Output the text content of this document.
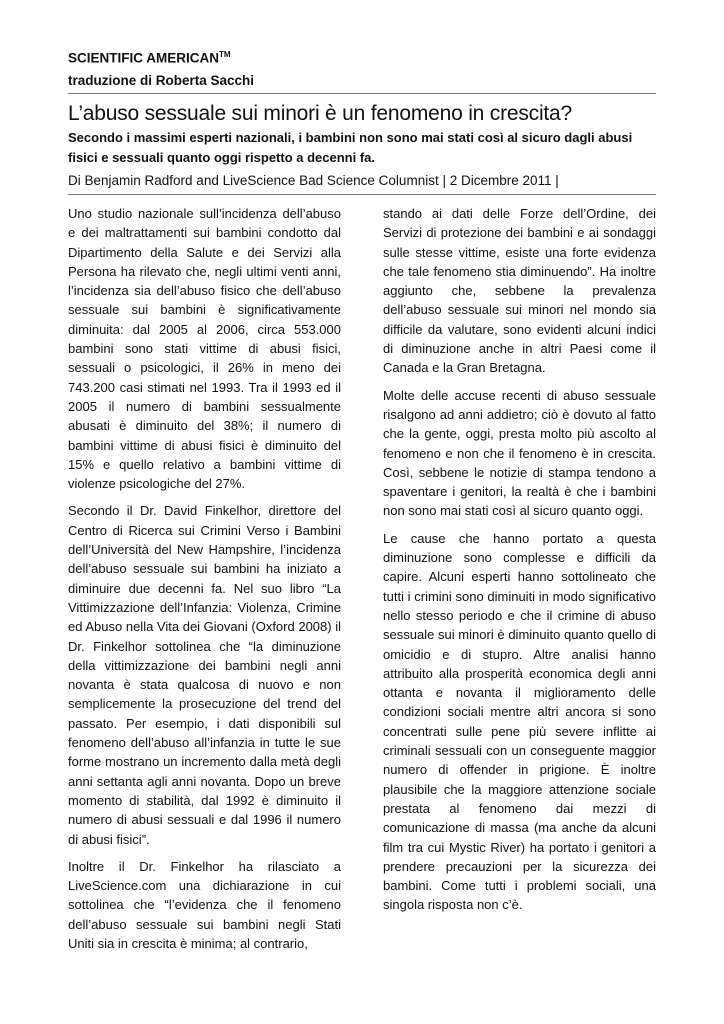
SCIENTIFIC AMERICAN™
traduzione di Roberta Sacchi
L’abuso sessuale sui minori è un fenomeno in crescita?

Secondo i massimi esperti nazionali, i bambini non sono mai stati così al sicuro dagli abusi fisici e sessuali quanto oggi rispetto a decenni fa.

Di Benjamin Radford and LiveScience Bad Science Columnist | 2 Dicembre 2011 |

Uno studio nazionale sull’incidenza dell’abuso e dei maltrattamenti sui bambini condotto dal Dipartimento della Salute e dei Servizi alla Persona ha rilevato che, negli ultimi venti anni, l’incidenza sia dell’abuso fisico che dell’abuso sessuale sui bambini è significativamente diminuita: dal 2005 al 2006, circa 553.000 bambini sono stati vittime di abusi fisici, sessuali o psicologici, il 26% in meno dei 743.200 casi stimati nel 1993. Tra il 1993 ed il 2005 il numero di bambini sessualmente abusati è diminuito del 38%; il numero di bambini vittime di abusi fisici è diminuito del 15% e quello relativo a bambini vittime di violenze psicologiche del 27%.

Secondo il Dr. David Finkelhor, direttore del Centro di Ricerca sui Crimini Verso i Bambini dell’Università del New Hampshire, l’incidenza dell’abuso sessuale sui bambini ha iniziato a diminuire due decenni fa. Nel suo libro “La Vittimizzazione dell’Infanzia: Violenza, Crimine ed Abuso nella Vita dei Giovani (Oxford 2008) il Dr. Finkelhor sottolinea che “la diminuzione della vittimizzazione dei bambini negli anni novanta è stata qualcosa di nuovo e non semplicemente la prosecuzione del trend del passato. Per esempio, i dati disponibili sul fenomeno dell’abuso all’infanzia in tutte le sue forme mostrano un incremento dalla metà degli anni settanta agli anni novanta. Dopo un breve momento di stabilità, dal 1992 è diminuito il numero di abusi sessuali e dal 1996 il numero di abusi fisici”.

Inoltre il Dr. Finkelhor ha rilasciato a LiveScience.com una dichiarazione in cui sottolinea che “l’evidenza che il fenomeno dell’abuso sessuale sui bambini negli Stati Uniti sia in crescita è minima; al contrario,

stando ai dati delle Forze dell’Ordine, dei Servizi di protezione dei bambini e ai sondaggi sulle stesse vittime, esiste una forte evidenza che tale fenomeno stia diminuendo”. Ha inoltre aggiunto che, sebbene la prevalenza dell’abuso sessuale sui minori nel mondo sia difficile da valutare, sono evidenti alcuni indici di diminuzione anche in altri Paesi come il Canada e la Gran Bretagna.

Molte delle accuse recenti di abuso sessuale risalgono ad anni addietro; ciò è dovuto al fatto che la gente, oggi, presta molto più ascolto al fenomeno e non che il fenomeno è in crescita. Così, sebbene le notizie di stampa tendono a spaventare i genitori, la realtà è che i bambini non sono mai stati così al sicuro quanto oggi.

Le cause che hanno portato a questa diminuzione sono complesse e difficili da capire. Alcuni esperti hanno sottolineato che tutti i crimini sono diminuiti in modo significativo nello stesso periodo e che il crimine di abuso sessuale sui minori è diminuito quanto quello di omicidio e di stupro. Altre analisi hanno attribuito alla prosperità economica degli anni ottanta e novanta il miglioramento delle condizioni sociali mentre altri ancora si sono concentrati sulle pene più severe inflitte ai criminali sessuali con un conseguente maggior numero di offender in prigione. È inoltre plausibile che la maggiore attenzione sociale prestata al fenomeno dai mezzi di comunicazione di massa (ma anche da alcuni film tra cui Mystic River) ha portato i genitori a prendere precauzioni per la sicurezza dei bambini. Come tutti i problemi sociali, una singola risposta non c’è.
